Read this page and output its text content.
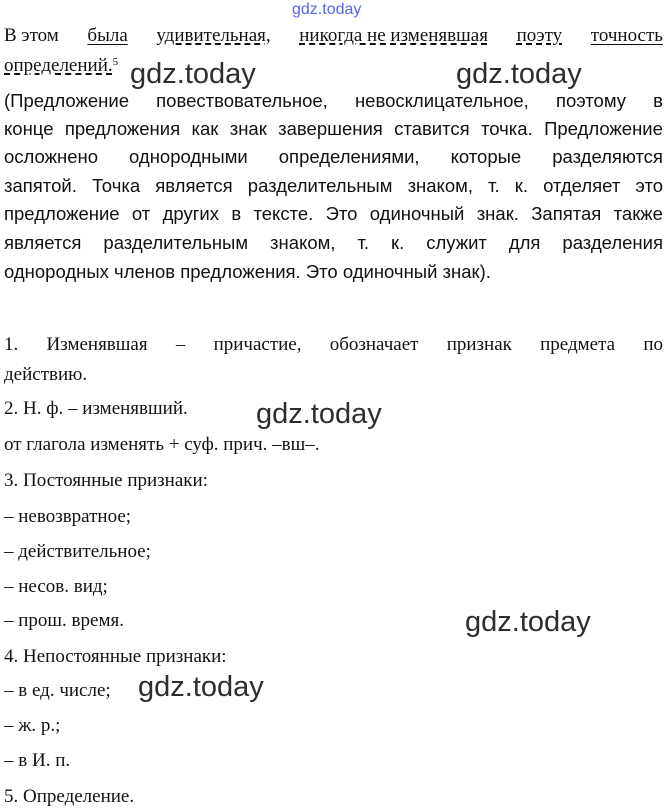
gdz.today
В этом была удивительная, никогда не изменявшая поэту точность
определений.$^5$
(Предложение повествовательное, невосклицательное, поэтому в
конце предложения как знак завершения ставится точка. Предложение
осложнено однородными определениями, которые разделяются
запятой. Точка является разделительным знаком, т. к. отделяет это
предложение от других в тексте. Это одиночный знак. Запятая также
является разделительным знаком, т. к. служит для разделения
однородных членов предложения. Это одиночный знак).
1. Изменявшая – причастие, обозначает признак предмета по
действию.
2. Н. ф. – изменявший.
от глагола изменять + суф. прич. –вш–.
3. Постоянные признаки:
– невозвратное;
– действительное;
– несов. вид;
– прош. время.
4. Непостоянные признаки:
– в ед. числе;
– ж. р.;
– в И. п.
5. Определение.
gdz.today	gdz.today
gdz.today
gdz.today
gdz.today
